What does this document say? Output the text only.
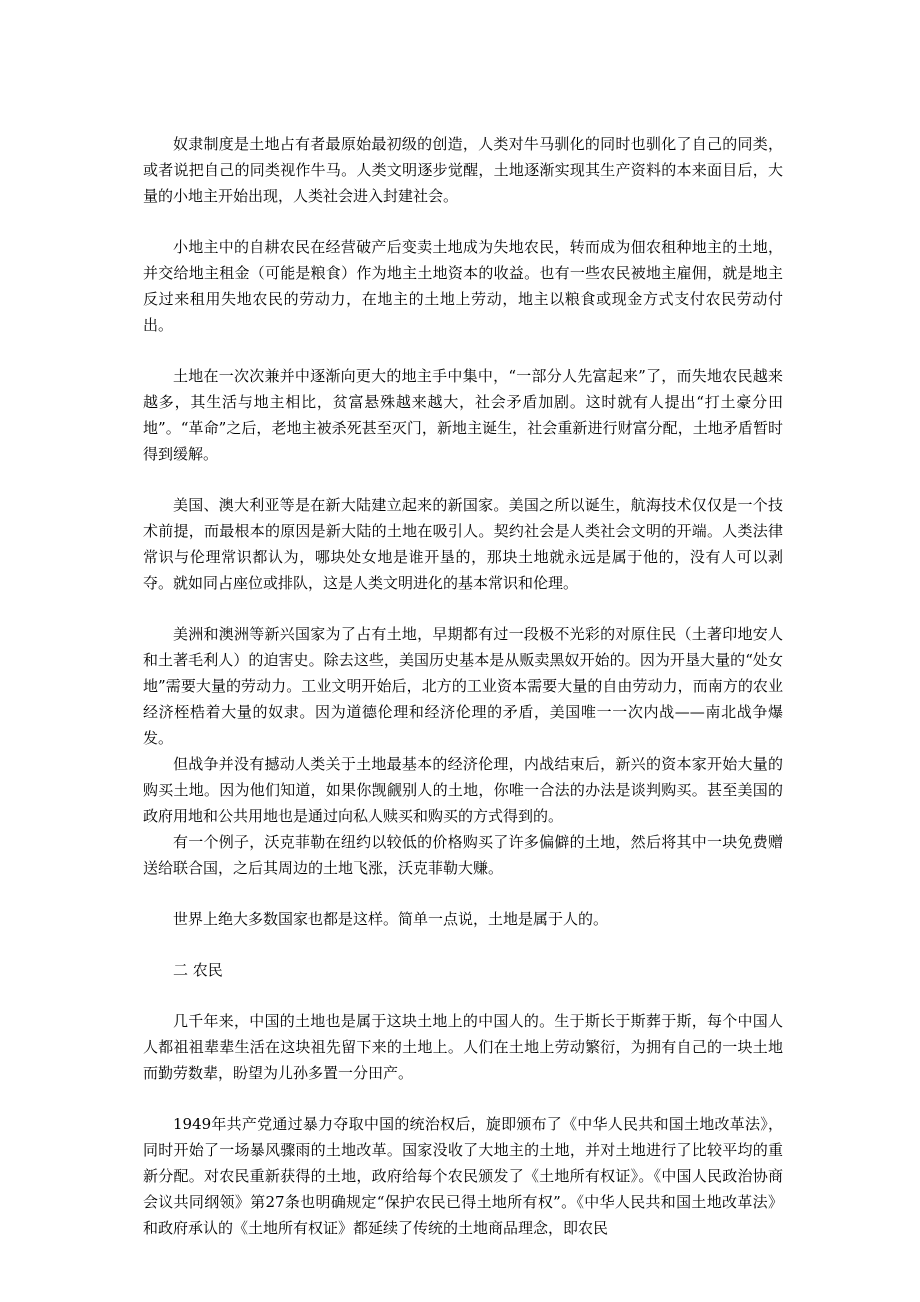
奴隶制度是土地占有者最原始最初级的创造，人类对牛马驯化的同时也驯化了自己的同类，或者说把自己的同类视作牛马。人类文明逐步觉醒，土地逐渐实现其生产资料的本来面目后，大量的小地主开始出现，人类社会进入封建社会。

小地主中的自耕农民在经营破产后变卖土地成为失地农民，转而成为佃农租种地主的土地，并交给地主租金（可能是粮食）作为地主土地资本的收益。也有一些农民被地主雇佣，就是地主反过来租用失地农民的劳动力，在地主的土地上劳动，地主以粮食或现金方式支付农民劳动付出。

土地在一次次兼并中逐渐向更大的地主手中集中，“一部分人先富起来”了，而失地农民越来越多，其生活与地主相比，贫富悬殊越来越大，社会矛盾加剧。这时就有人提出“打土豪分田地”。“革命”之后，老地主被杀死甚至灭门，新地主诞生，社会重新进行财富分配，土地矛盾暂时得到缓解。

美国、澳大利亚等是在新大陆建立起来的新国家。美国之所以诞生，航海技术仅仅是一个技术前提，而最根本的原因是新大陆的土地在吸引人。契约社会是人类社会文明的开端。人类法律常识与伦理常识都认为，哪块处女地是谁开垦的，那块土地就永远是属于他的，没有人可以剥夺。就如同占座位或排队，这是人类文明进化的基本常识和伦理。

美洲和澳洲等新兴国家为了占有土地，早期都有过一段极不光彩的对原住民（土著印地安人和土著毛利人）的迫害史。除去这些，美国历史基本是从贩卖黑奴开始的。因为开垦大量的“处女地”需要大量的劳动力。工业文明开始后，北方的工业资本需要大量的自由劳动力，而南方的农业经济桎梏着大量的奴隶。因为道德伦理和经济伦理的矛盾，美国唯一一次内战——南北战争爆发。

但战争并没有撼动人类关于土地最基本的经济伦理，内战结束后，新兴的资本家开始大量的购买土地。因为他们知道，如果你觊觎别人的土地，你唯一合法的办法是谈判购买。甚至美国的政府用地和公共用地也是通过向私人赎买和购买的方式得到的。

有一个例子，沃克菲勒在纽约以较低的价格购买了许多偏僻的土地，然后将其中一块免费赠送给联合国，之后其周边的土地飞涨，沃克菲勒大赚。

世界上绝大多数国家也都是这样。简单一点说，土地是属于人的。

二 农民

几千年来，中国的土地也是属于这块土地上的中国人的。生于斯长于斯葬于斯，每个中国人人都祖祖辈辈生活在这块祖先留下来的土地上。人们在土地上劳动繁衍，为拥有自己的一块土地而勤劳数辈，盼望为儿孙多置一分田产。

1949年共产党通过暴力夺取中国的统治权后，旋即颁布了《中华人民共和国土地改革法》，同时开始了一场暴风骤雨的土地改革。国家没收了大地主的土地，并对土地进行了比较平均的重新分配。对农民重新获得的土地，政府给每个农民颁发了《土地所有权证》。《中国人民政治协商会议共同纲领》第27条也明确规定“保护农民已得土地所有权”。《中华人民共和国土地改革法》和政府承认的《土地所有权证》都延续了传统的土地商品理念，即农民
